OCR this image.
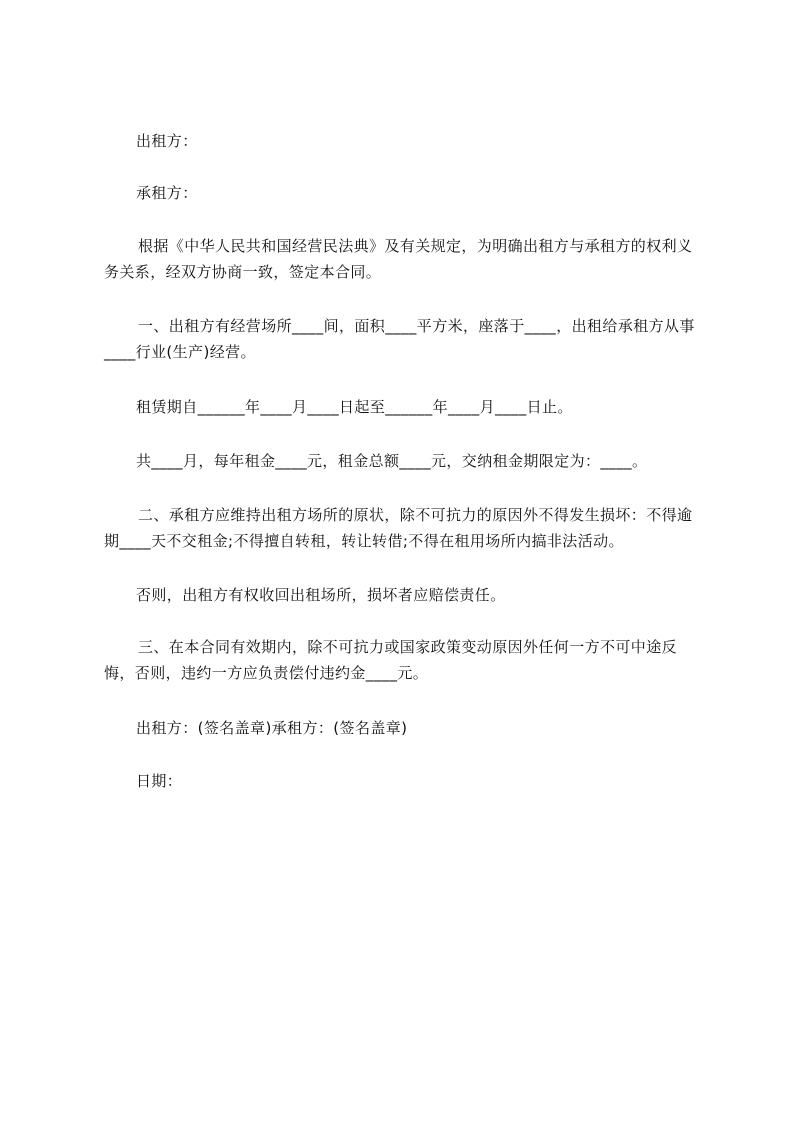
出租方：

承租方：

根据《中华人民共和国经营民法典》及有关规定，为明确出租方与承租方的权利义务关系，经双方协商一致，签定本合同。

一、出租方有经营场所____间，面积____平方米，座落于____，出租给承租方从事____行业(生产)经营。

租赁期自______年____月____日起至______年____月____日止。

共____月，每年租金____元，租金总额____元，交纳租金期限定为：____。

二、承租方应维持出租方场所的原状，除不可抗力的原因外不得发生损坏：不得逾期____天不交租金;不得擅自转租，转让转借;不得在租用场所内搞非法活动。

否则，出租方有权收回出租场所，损坏者应赔偿责任。

三、在本合同有效期内，除不可抗力或国家政策变动原因外任何一方不可中途反悔，否则，违约一方应负责偿付违约金____元。

出租方：(签名盖章)承租方：(签名盖章)

日期：
